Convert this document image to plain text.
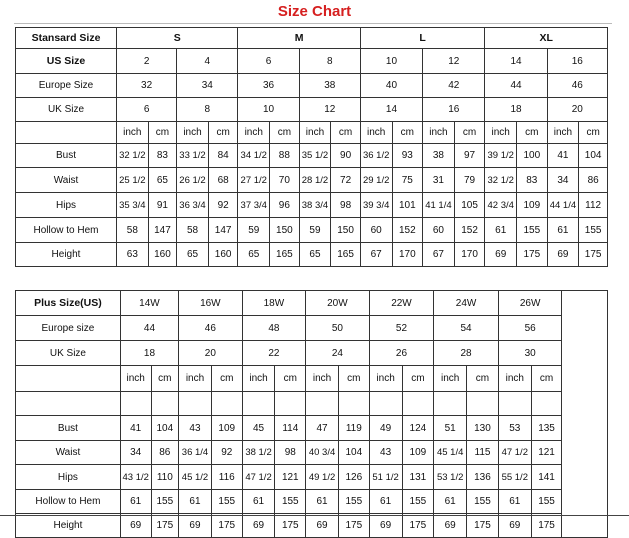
Size Chart
Stansard Size	S				M				L				XL			
US Size	2		4		6		8		10		12		14		16	
Europe Size	32		34		36		38		40		42		44		46	
UK Size	6		8		10		12		14		16		18		20	
	inch	cm	inch	cm	inch	cm	inch	cm	inch	cm	inch	cm	inch	cm	inch	cm
Bust	32 1/2	83	33 1/2	84	34 1/2	88	35 1/2	90	36 1/2	93	38	97	39 1/2	100	41	104
Waist	25 1/2	65	26 1/2	68	27 1/2	70	28 1/2	72	29 1/2	75	31	79	32 1/2	83	34	86
Hips	35 3/4	91	36 3/4	92	37 3/4	96	38 3/4	98	39 3/4	101	41 1/4	105	42 3/4	109	44 1/4	112
Hollow to Hem	58	147	58	147	59	150	59	150	60	152	60	152	61	155	61	155
Height	63	160	65	160	65	165	65	165	67	170	67	170	69	175	69	175
Plus Size(US)	14W		16W		18W		20W		22W		24W		26W		
Europe size	44		46		48		50		52		54		56		
UK Size	18		20		22		24		26		28		30		
	inch	cm	inch	cm	inch	cm	inch	cm	inch	cm	inch	cm	inch	cm	

Bust	41	104	43	109	45	114	47	119	49	124	51	130	53	135	
Waist	34	86	36 1/4	92	38 1/2	98	40 3/4	104	43	109	45 1/4	115	47 1/2	121	
Hips	43 1/2	110	45 1/2	116	47 1/2	121	49 1/2	126	51 1/2	131	53 1/2	136	55 1/2	141	
Hollow to Hem	61	155	61	155	61	155	61	155	61	155	61	155	61	155	
Height	69	175	69	175	69	175	69	175	69	175	69	175	69	175	
